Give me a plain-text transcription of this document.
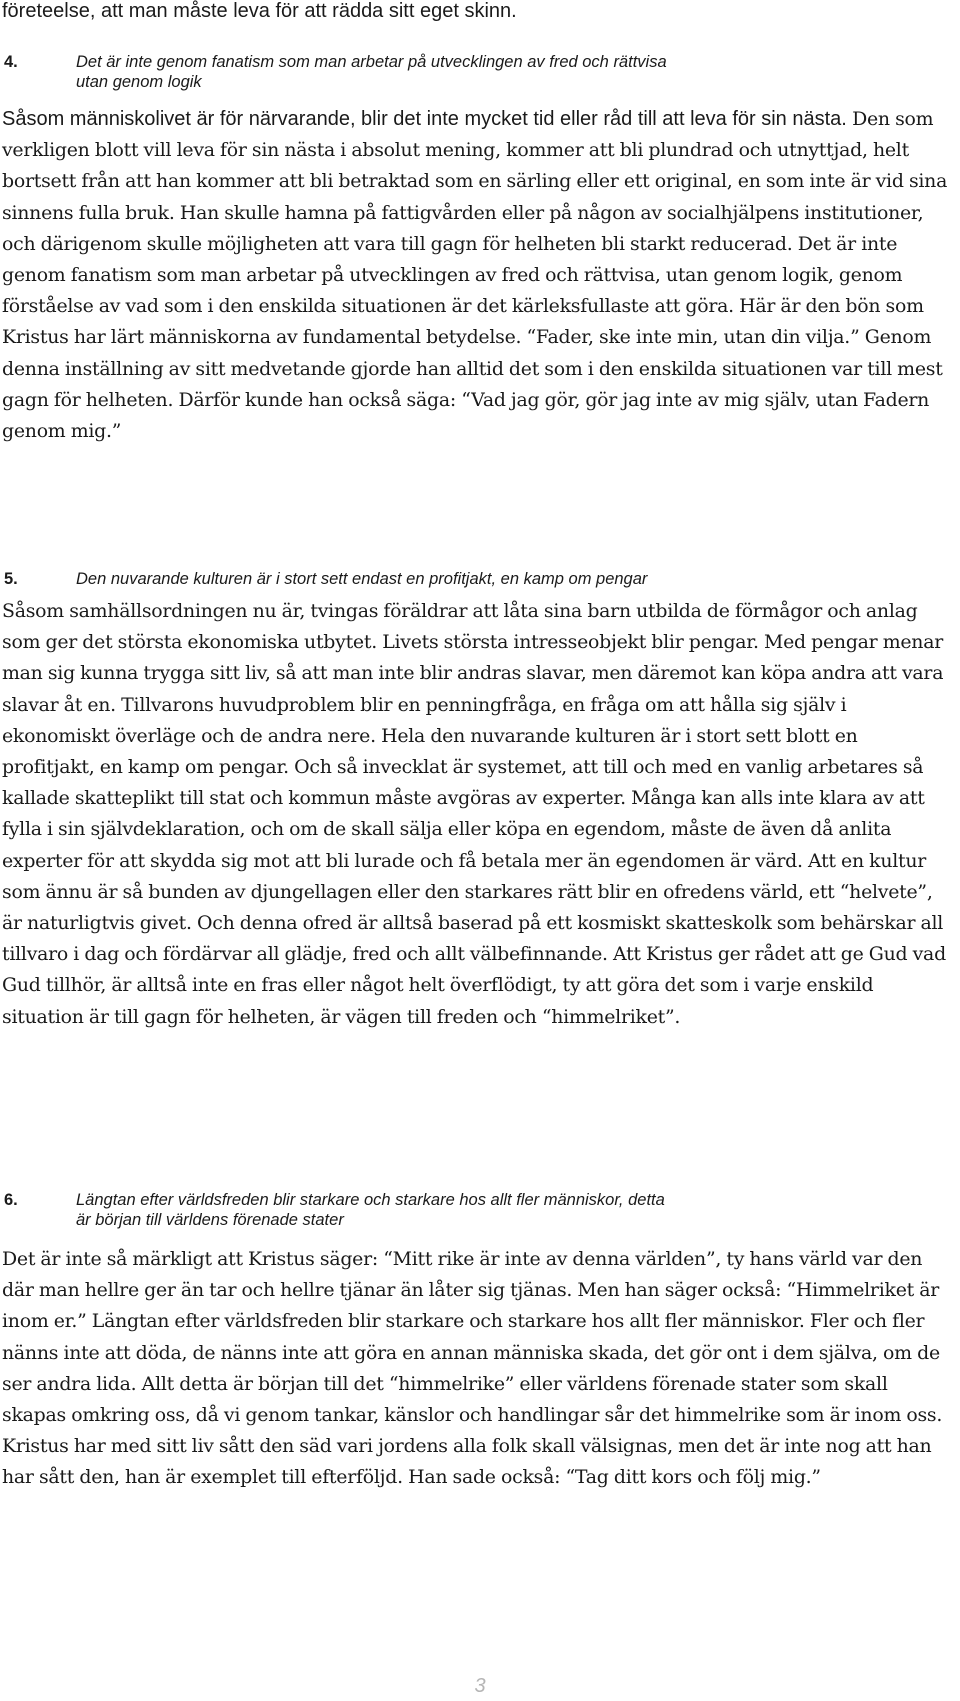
företeelse, att man måste leva för att rädda sitt eget skinn.

4.	Det är inte genom fanatism som man arbetar på utvecklingen av fred och rättvisa utan genom logik

Såsom människolivet är för närvarande, blir det inte mycket tid eller råd till att leva för sin nästa. Den som verkligen blott vill leva för sin nästa i absolut mening, kommer att bli plundrad och utnyttjad, helt bortsett från att han kommer att bli betraktad som en särling eller ett original, en som inte är vid sina sinnens fulla bruk. Han skulle hamna på fattigvården eller på någon av socialhjälpens institutioner, och därigenom skulle möjligheten att vara till gagn för helheten bli starkt reducerad. Det är inte genom fanatism som man arbetar på utvecklingen av fred och rättvisa, utan genom logik, genom förståelse av vad som i den enskilda situationen är det kärleksfullaste att göra. Här är den bön som Kristus har lärt människorna av fundamental betydelse. “Fader, ske inte min, utan din vilja.” Genom denna inställning av sitt medvetande gjorde han alltid det som i den enskilda situationen var till mest gagn för helheten. Därför kunde han också säga: “Vad jag gör, gör jag inte av mig själv, utan Fadern genom mig.”

5.	Den nuvarande kulturen är i stort sett endast en profitjakt, en kamp om pengar

Såsom samhällsordningen nu är, tvingas föräldrar att låta sina barn utbilda de förmågor och anlag som ger det största ekonomiska utbytet. Livets största intresseobjekt blir pengar. Med pengar menar man sig kunna trygga sitt liv, så att man inte blir andras slavar, men däremot kan köpa andra att vara slavar åt en. Tillvarons huvudproblem blir en penningfråga, en fråga om att hålla sig själv i ekonomiskt överläge och de andra nere. Hela den nuvarande kulturen är i stort sett blott en profitjakt, en kamp om pengar. Och så invecklat är systemet, att till och med en vanlig arbetares så kallade skatteplikt till stat och kommun måste avgöras av experter. Många kan alls inte klara av att fylla i sin självdeklaration, och om de skall sälja eller köpa en egendom, måste de även då anlita experter för att skydda sig mot att bli lurade och få betala mer än egendomen är värd. Att en kultur som ännu är så bunden av djungellagen eller den starkares rätt blir en ofredens värld, ett “helvete”, är naturligtvis givet. Och denna ofred är alltså baserad på ett kosmiskt skatteskolk som behärskar all tillvaro i dag och fördärvar all glädje, fred och allt välbefinnande. Att Kristus ger rådet att ge Gud vad Gud tillhör, är alltså inte en fras eller något helt överflödigt, ty att göra det som i varje enskild situation är till gagn för helheten, är vägen till freden och “himmelriket”.

6.	Längtan efter världsfreden blir starkare och starkare hos allt fler människor, detta är början till världens förenade stater

Det är inte så märkligt att Kristus säger: “Mitt rike är inte av denna världen”, ty hans värld var den där man hellre ger än tar och hellre tjänar än låter sig tjänas. Men han säger också: “Himmelriket är inom er.” Längtan efter världsfreden blir starkare och starkare hos allt fler människor. Fler och fler nänns inte att döda, de nänns inte att göra en annan människa skada, det gör ont i dem själva, om de ser andra lida. Allt detta är början till det “himmelrike” eller världens förenade stater som skall skapas omkring oss, då vi genom tankar, känslor och handlingar sår det himmelrike som är inom oss. Kristus har med sitt liv sått den säd vari jordens alla folk skall välsignas, men det är inte nog att han har sått den, han är exemplet till efterföljd. Han sade också: “Tag ditt kors och följ mig.”

3
